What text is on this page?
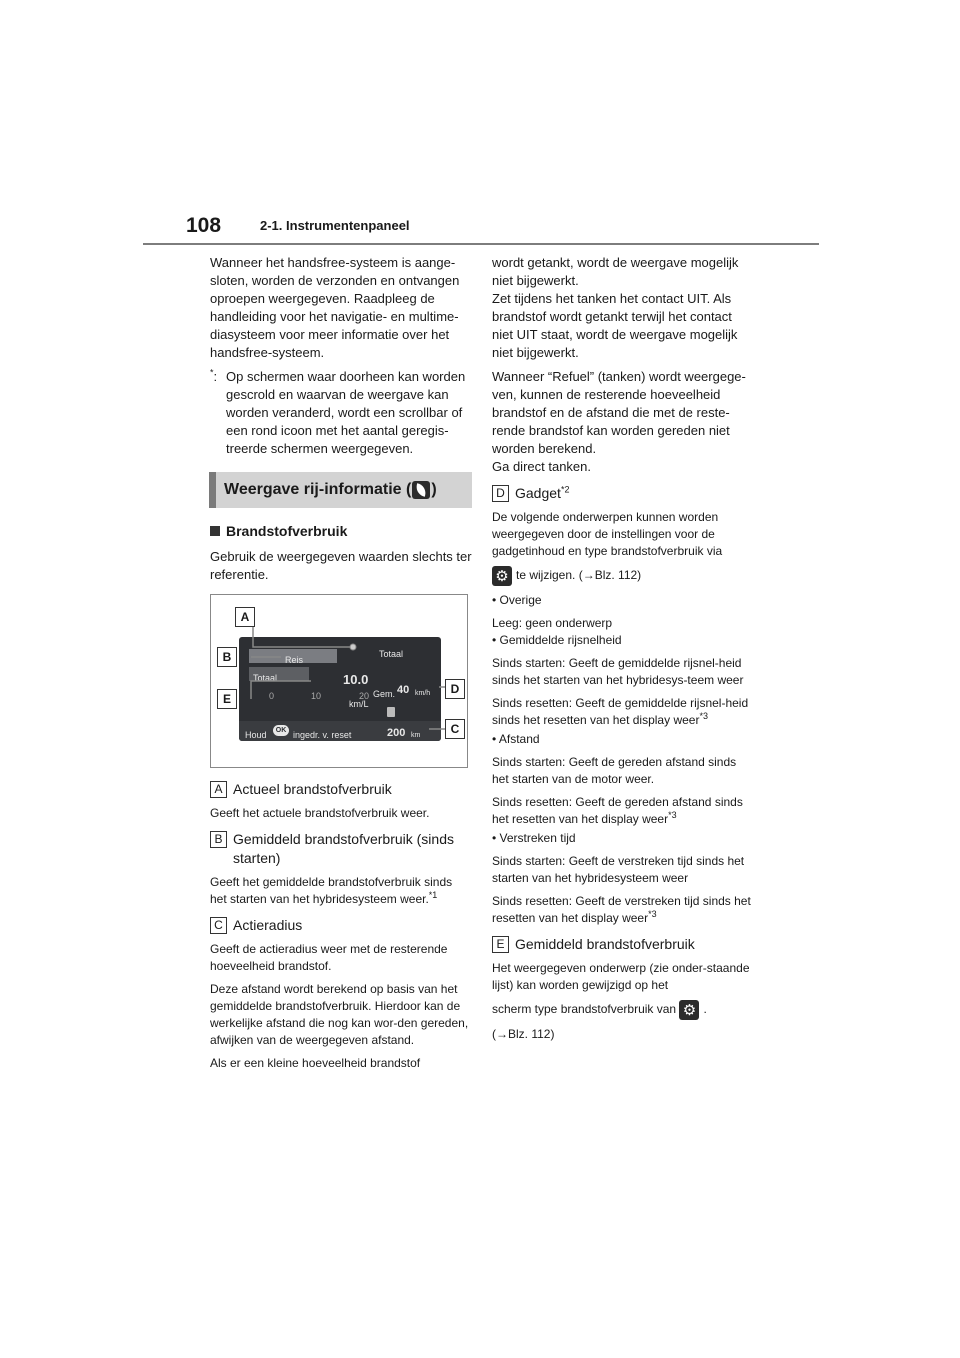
108	2-1. Instrumentenpaneel

Wanneer het handsfree-systeem is aange-sloten, worden de verzonden en ontvangen oproepen weergegeven. Raadpleeg de handleiding voor het navigatie- en multime-diasysteem voor meer informatie over het handsfree-systeem.

*: Op schermen waar doorheen kan worden gescrold en waarvan de weergave kan worden veranderd, wordt een scrollbar of een rond icoon met het aantal geregis-treerde schermen weergegeven.
Weergave rij-informatie ( )
Brandstofverbruik

Gebruik de weergegeven waarden slechts ter referentie.

Reis
Totaal
0	10	20
10.0
km/L
Totaal
Gem. 40 km/h
Houd	OK ingedr. v. reset	200 km
A
B
E
D
C
A Actueel brandstofverbruik

Geeft het actuele brandstofverbruik weer.

B Gemiddeld brandstofverbruik (sinds starten)

Geeft het gemiddelde brandstofverbruik sinds het starten van het hybridesysteem weer.$^{*1}$

C Actieradius

Geeft de actieradius weer met de resterende hoeveelheid brandstof.

Deze afstand wordt berekend op basis van het gemiddelde brandstofverbruik. Hierdoor kan de werkelijke afstand die nog kan wor-den gereden, afwijken van de weergegeven afstand.

Als er een kleine hoeveelheid brandstof

wordt getankt, wordt de weergave mogelijk niet bijgewerkt.

Zet tijdens het tanken het contact UIT. Als brandstof wordt getankt terwijl het contact niet UIT staat, wordt de weergave mogelijk niet bijgewerkt.

Wanneer “Refuel” (tanken) wordt weergege-ven, kunnen de resterende hoeveelheid brandstof en de afstand die met de reste-rende brandstof kan worden gereden niet worden berekend.

Ga direct tanken.

D Gadget$^{*2}$

De volgende onderwerpen kunnen worden weergegeven door de instellingen voor de gadgetinhoud en type brandstofverbruik via

⚙te wijzigen. (→Blz. 112)

• Overige

Leeg: geen onderwerp

• Gemiddelde rijsnelheid

Sinds starten: Geeft de gemiddelde rijsnel-heid sinds het starten van het hybridesys-teem weer

Sinds resetten: Geeft de gemiddelde rijsnel-heid sinds het resetten van het display weer$^{*3}$

• Afstand

Sinds starten: Geeft de gereden afstand sinds het starten van de motor weer.

Sinds resetten: Geeft de gereden afstand sinds het resetten van het display weer$^{*3}$

• Verstreken tijd

Sinds starten: Geeft de verstreken tijd sinds het starten van het hybridesysteem weer

Sinds resetten: Geeft de verstreken tijd sinds het resetten van het display weer$^{*3}$

E Gemiddeld brandstofverbruik

Het weergegeven onderwerp (zie onder-staande lijst) kan worden gewijzigd op het

scherm type brandstofverbruik van ⚙ .

(→Blz. 112)
